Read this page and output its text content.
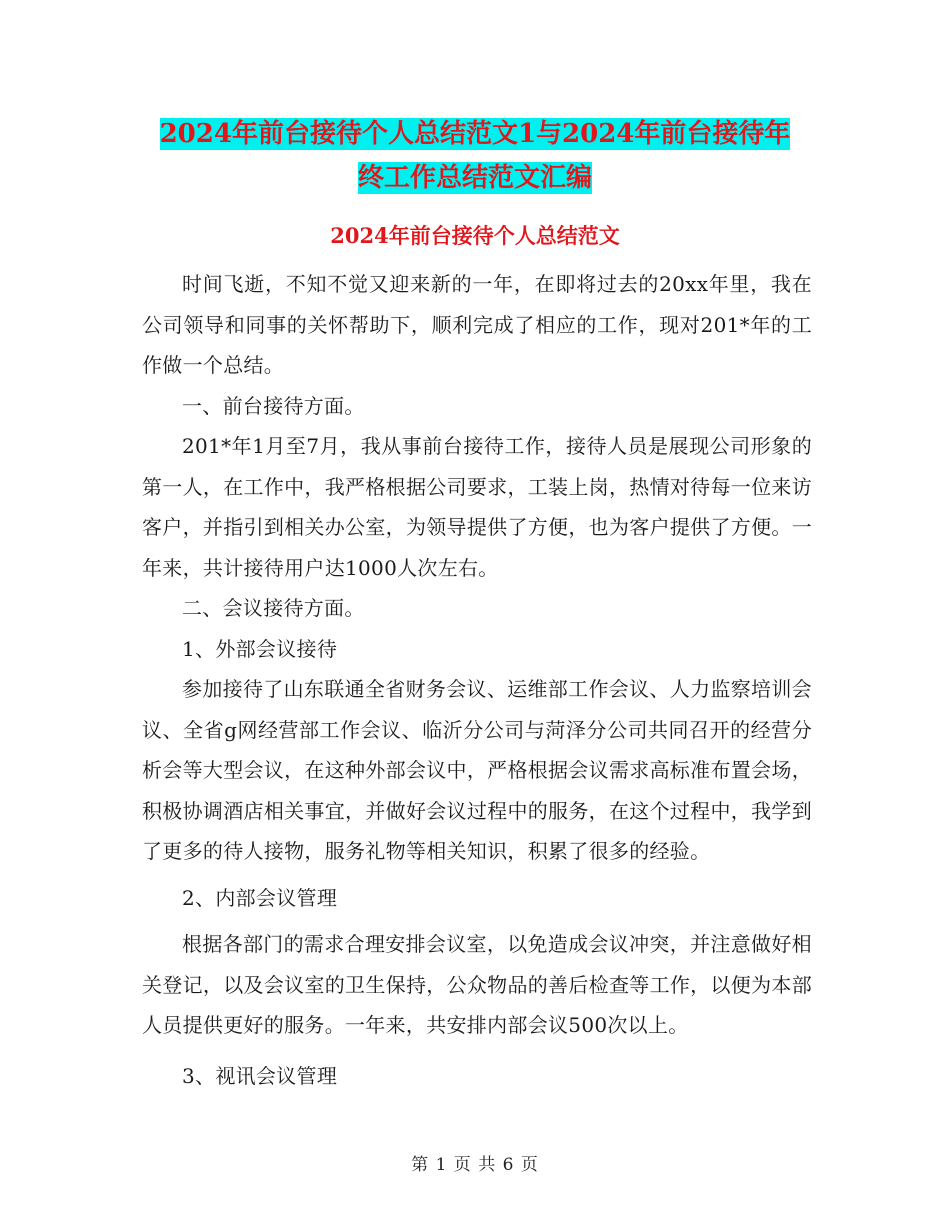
2024年前台接待个人总结范文1与2024年前台接待年
终工作总结范文汇编
2024年前台接待个人总结范文

时间飞逝，不知不觉又迎来新的一年，在即将过去的20xx年里，我在公司领导和同事的关怀帮助下，顺利完成了相应的工作，现对201*年的工作做一个总结。

一、前台接待方面。

201*年1月至7月，我从事前台接待工作，接待人员是展现公司形象的第一人，在工作中，我严格根据公司要求，工装上岗，热情对待每一位来访客户，并指引到相关办公室，为领导提供了方便，也为客户提供了方便。一年来，共计接待用户达1000人次左右。

二、会议接待方面。

1、外部会议接待

参加接待了山东联通全省财务会议、运维部工作会议、人力监察培训会议、全省g网经营部工作会议、临沂分公司与菏泽分公司共同召开的经营分析会等大型会议，在这种外部会议中，严格根据会议需求高标准布置会场，积极协调酒店相关事宜，并做好会议过程中的服务，在这个过程中，我学到了更多的待人接物，服务礼物等相关知识，积累了很多的经验。

2、内部会议管理

根据各部门的需求合理安排会议室，以免造成会议冲突，并注意做好相关登记，以及会议室的卫生保持，公众物品的善后检查等工作，以便为本部人员提供更好的服务。一年来，共安排内部会议500次以上。

3、视讯会议管理

第 1 页 共 6 页
